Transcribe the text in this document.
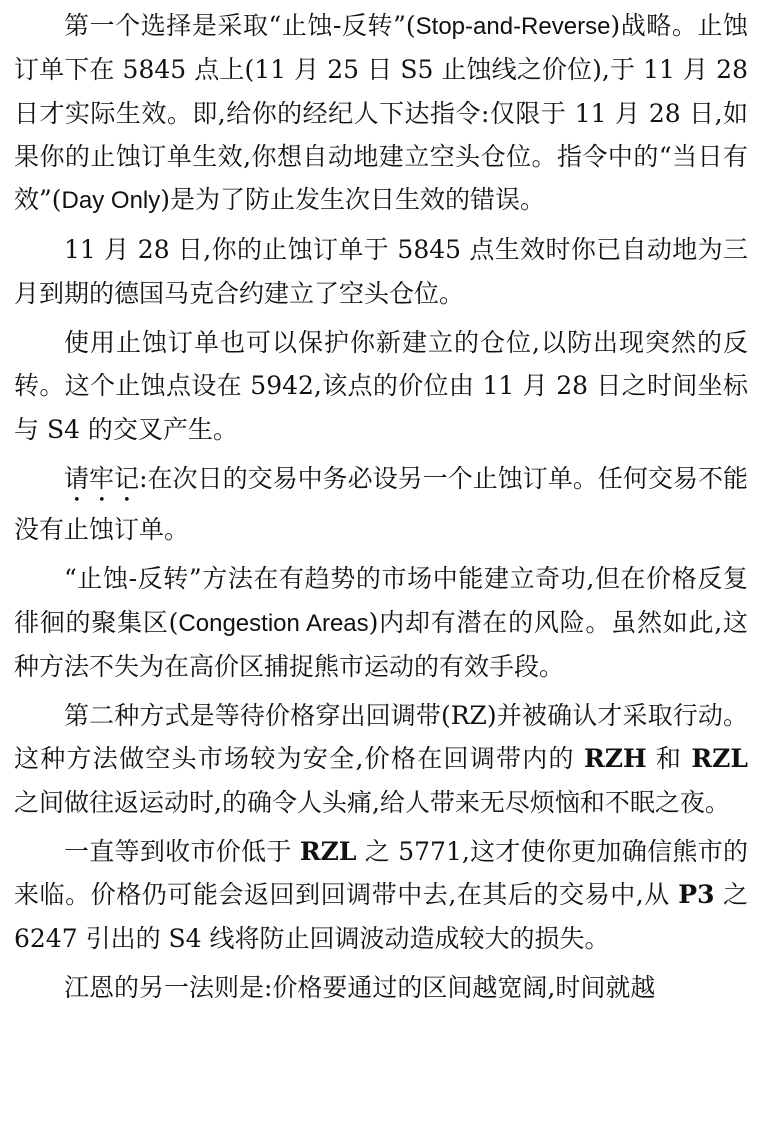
第一个选择是采取“止蚀-反转”(Stop-and-Reverse)战略。止蚀订单下在 5845 点上(11 月 25 日 S5 止蚀线之价位),于 11 月 28 日才实际生效。即,给你的经纪人下达指令:仅限于 11 月 28 日,如果你的止蚀订单生效,你想自动地建立空头仓位。指令中的“当日有效”(Day Only)是为了防止发生次日生效的错误。

11 月 28 日,你的止蚀订单于 5845 点生效时你已自动地为三月到期的德国马克合约建立了空头仓位。

使用止蚀订单也可以保护你新建立的仓位,以防出现突然的反转。这个止蚀点设在 5942,该点的价位由 11 月 28 日之时间坐标与 S4 的交叉产生。

请牢记:在次日的交易中务必设另一个止蚀订单。任何交易不能没有止蚀订单。

“止蚀-反转”方法在有趋势的市场中能建立奇功,但在价格反复徘徊的聚集区(Congestion Areas)内却有潜在的风险。虽然如此,这种方法不失为在高价区捕捉熊市运动的有效手段。

第二种方式是等待价格穿出回调带(RZ)并被确认才采取行动。这种方法做空头市场较为安全,价格在回调带内的 RZH 和 RZL 之间做往返运动时,的确令人头痛,给人带来无尽烦恼和不眠之夜。

一直等到收市价低于 RZL 之 5771,这才使你更加确信熊市的来临。价格仍可能会返回到回调带中去,在其后的交易中,从 P3 之 6247 引出的 S4 线将防止回调波动造成较大的损失。

江恩的另一法则是:价格要通过的区间越宽阔,时间就越
